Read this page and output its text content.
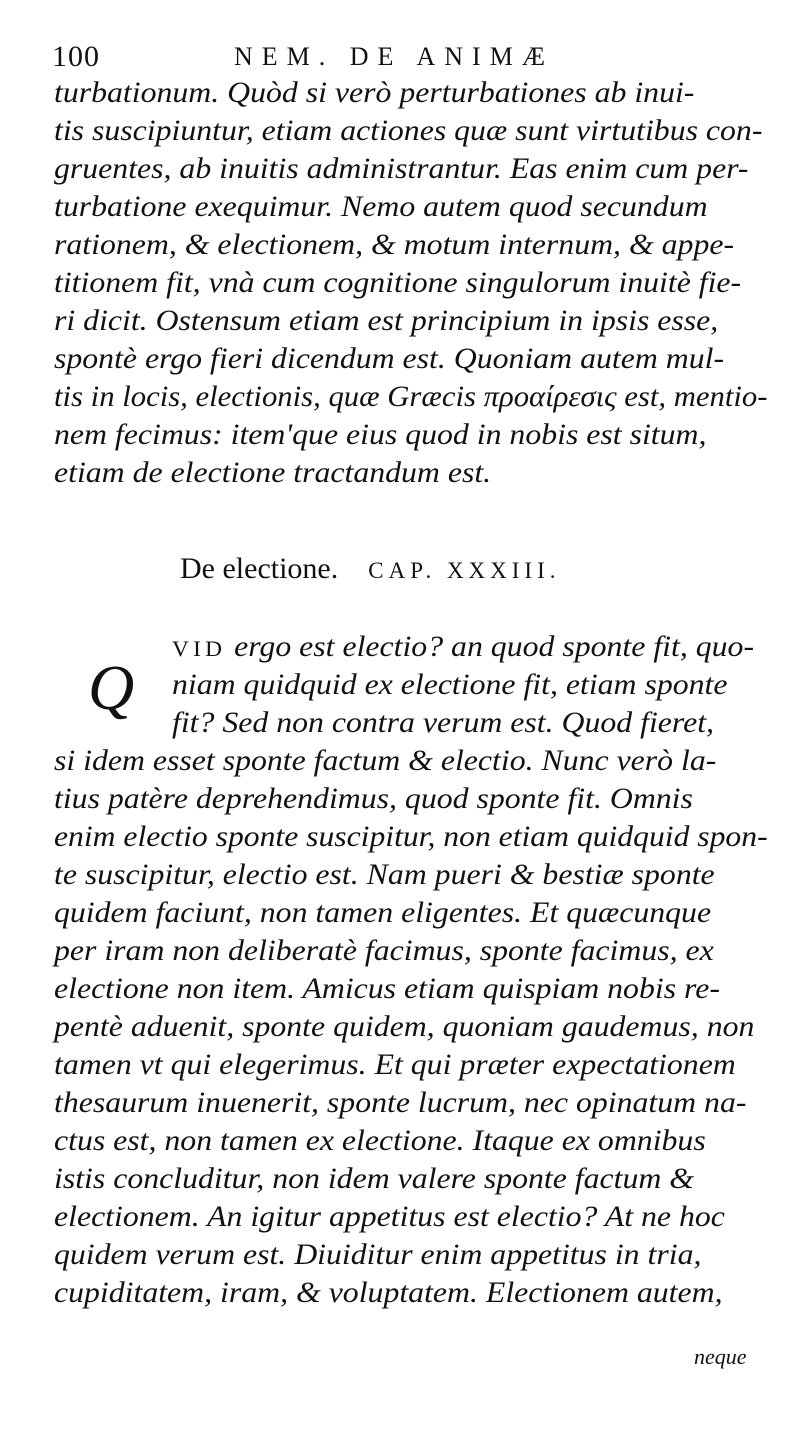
100	NEM. DE ANIMÆ
turbationum. Quòd si verò perturbationes ab inui-
tis suscipiuntur, etiam actiones quæ sunt virtutibus con-
gruentes, ab inuitis administrantur. Eas enim cum per-
turbatione exequimur. Nemo autem quod secundum
rationem, & electionem, & motum internum, & appe-
titionem fit, vnà cum cognitione singulorum inuitè fie-
ri dicit. Ostensum etiam est principium in ipsis esse,
spontè ergo fieri dicendum est. Quoniam autem mul-
tis in locis, electionis, quæ Græcis προαίρεσις est, mentio-
nem fecimus: item'que eius quod in nobis est situm,
etiam de electione tractandum est.
De electione. CAP. XXXIII.
Q
VID ergo est electio? an quod sponte fit, quo-
niam quidquid ex electione fit, etiam sponte
fit? Sed non contra verum est. Quod fieret,
si idem esset sponte factum & electio. Nunc verò la-
tius patère deprehendimus, quod sponte fit. Omnis
enim electio sponte suscipitur, non etiam quidquid spon-
te suscipitur, electio est. Nam pueri & bestiæ sponte
quidem faciunt, non tamen eligentes. Et quæcunque
per iram non deliberatè facimus, sponte facimus, ex
electione non item. Amicus etiam quispiam nobis re-
pentè aduenit, sponte quidem, quoniam gaudemus, non
tamen vt qui elegerimus. Et qui præter expectationem
thesaurum inuenerit, sponte lucrum, nec opinatum na-
ctus est, non tamen ex electione. Itaque ex omnibus
istis concluditur, non idem valere sponte factum &
electionem. An igitur appetitus est electio? At ne hoc
quidem verum est. Diuiditur enim appetitus in tria,
cupiditatem, iram, & voluptatem. Electionem autem,
neque
